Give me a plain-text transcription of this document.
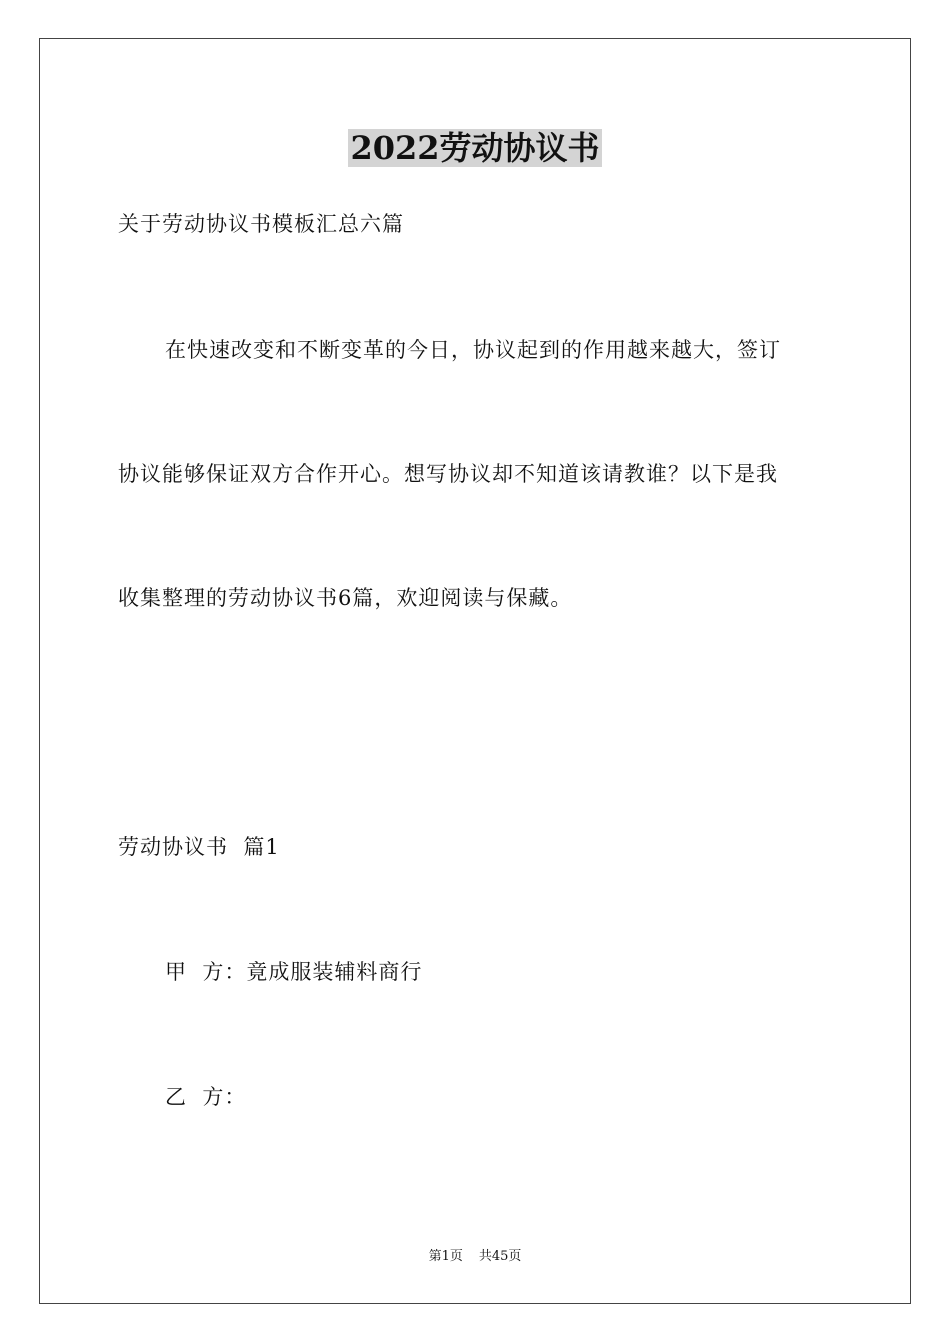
2022劳动协议书
关于劳动协议书模板汇总六篇
在快速改变和不断变革的今日，协议起到的作用越来越大，签订
协议能够保证双方合作开心。想写协议却不知道该请教谁？以下是我
收集整理的劳动协议书6篇，欢迎阅读与保藏。
劳动协议书  篇1
甲  方：竟成服装辅料商行
乙  方：
第1页 共45页
